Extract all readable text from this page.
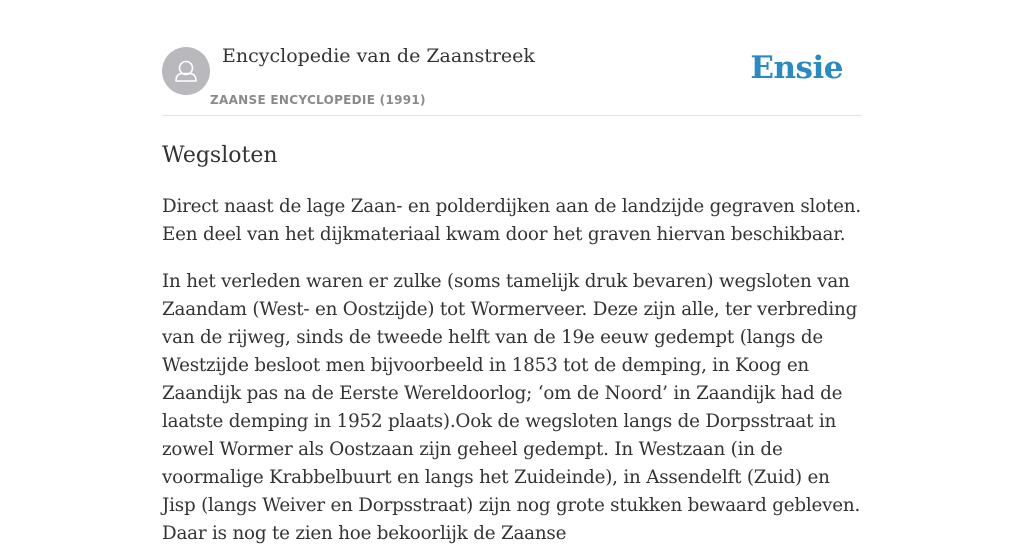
Encyclopedie van de Zaanstreek
ZAANSE ENCYCLOPEDIE (1991)
Ensie
Wegsloten

Direct naast de lage Zaan- en polderdijken aan de landzijde gegraven sloten. Een deel van het dijkmateriaal kwam door het graven hiervan beschikbaar.

In het verleden waren er zulke (soms tamelijk druk bevaren) wegsloten van Zaandam (West- en Oostzijde) tot Wormerveer. Deze zijn alle, ter verbreding van de rijweg, sinds de tweede helft van de 19e eeuw gedempt (langs de Westzijde besloot men bijvoorbeeld in 1853 tot de demping, in Koog en Zaandijk pas na de Eerste Wereldoorlog; ‘om de Noord’ in Zaandijk had de laatste demping in 1952 plaats).Ook de wegsloten langs de Dorpsstraat in zowel Wormer als Oostzaan zijn geheel gedempt. In Westzaan (in de voormalige Krabbelbuurt en langs het Zuideinde), in Assendelft (Zuid) en Jisp (langs Weiver en Dorpsstraat) zijn nog grote stukken bewaard gebleven. Daar is nog te zien hoe bekoorlijk de Zaanse
